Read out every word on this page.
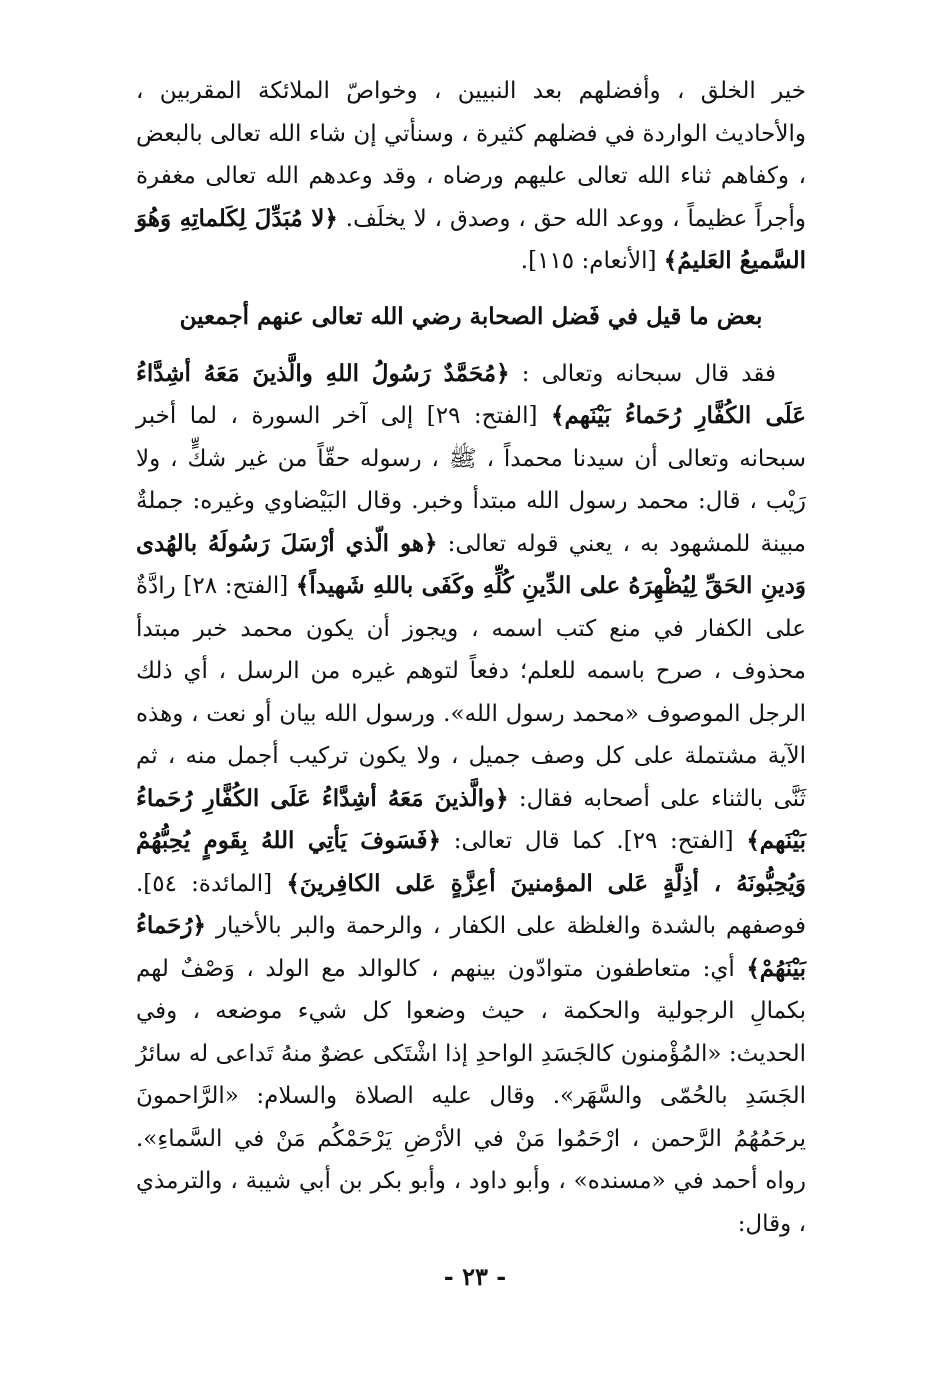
خير الخلق ، وأفضلهم بعد النبيين ، وخواصّ الملائكة المقربين ، والأحاديث الواردة في فضلهم كثيرة ، وسنأتي إن شاء الله تعالى بالبعض ، وكفاهم ثناء الله تعالى عليهم ورضاه ، وقد وعدهم الله تعالى مغفرة وأجراً عظيماً ، ووعد الله حق ، وصدق ، لا يخلَف. ﴿لا مُبَدِّلَ لِكَلماتِهِ وَهُوَ السَّميعُ العَليمُ﴾ [الأنعام: ١١٥].

بعض ما قيل في فَضل الصحابة رضي الله تعالى عنهم أجمعين

فقد قال سبحانه وتعالى : ﴿مُحَمَّدٌ رَسُولُ اللهِ والَّذينَ مَعَهُ أشِدَّاءُ عَلَى الكُفَّارِ رُحَماءُ بَيْنَهم﴾ [الفتح: ٢٩] إلى آخر السورة ، لما أخبر سبحانه وتعالى أن سيدنا محمداً ، ﷺ ، رسوله حقّاً من غير شكٍّ ، ولا رَيْب ، قال: محمد رسول الله مبتدأ وخبر. وقال البَيْضاوي وغيره: جملةٌ مبينة للمشهود به ، يعني قوله تعالى: ﴿هو الّذي أرْسَلَ رَسُولَهُ بالهُدى وَدينِ الحَقِّ لِيُظْهِرَهُ على الدِّينِ كُلِّهِ وكَفَى باللهِ شَهيداً﴾ [الفتح: ٢٨] رادَّةٌ على الكفار في منع كتب اسمه ، ويجوز أن يكون محمد خبر مبتدأ محذوف ، صرح باسمه للعلم؛ دفعاً لتوهم غيره من الرسل ، أي ذلك الرجل الموصوف «محمد رسول الله». ورسول الله بيان أو نعت ، وهذه الآية مشتملة على كل وصف جميل ، ولا يكون تركيب أجمل منه ، ثم ثَنَّى بالثناء على أصحابه فقال: ﴿والَّذينَ مَعَهُ أشِدَّاءُ عَلَى الكُفَّارِ رُحَماءُ بَيْنَهم﴾ [الفتح: ٢٩]. كما قال تعالى: ﴿فَسَوفَ يَأتِي اللهُ بِقَومٍ يُحِبُّهُمْ وَيُحِبُّونَهُ ، أذِلَّةٍ عَلى المؤمنينَ أعِزَّةٍ عَلى الكافِرينَ﴾ [المائدة: ٥٤]. فوصفهم بالشدة والغلظة على الكفار ، والرحمة والبر بالأخيار ﴿رُحَماءُ بَيْنَهُمْ﴾ أي: متعاطفون متوادّون بينهم ، كالوالد مع الولد ، وَصْفٌ لهم بكمالِ الرجولية والحكمة ، حيث وضعوا كل شيء موضعه ، وفي الحديث: «المُؤْمنون كالجَسَدِ الواحدِ إذا اشْتَكى عضوٌ منهُ تَداعى له سائرُ الجَسَدِ بالحُمّى والسَّهَر». وقال عليه الصلاة والسلام: «الرَّاحمونَ يرحَمُهُمُ الرَّحمن ، ارْحَمُوا مَنْ في الأرْضِ يَرْحَمْكُم مَنْ في السَّماءِ». رواه أحمد في «مسنده» ، وأبو داود ، وأبو بكر بن أبي شيبة ، والترمذي ، وقال:

- ٢٣ -
